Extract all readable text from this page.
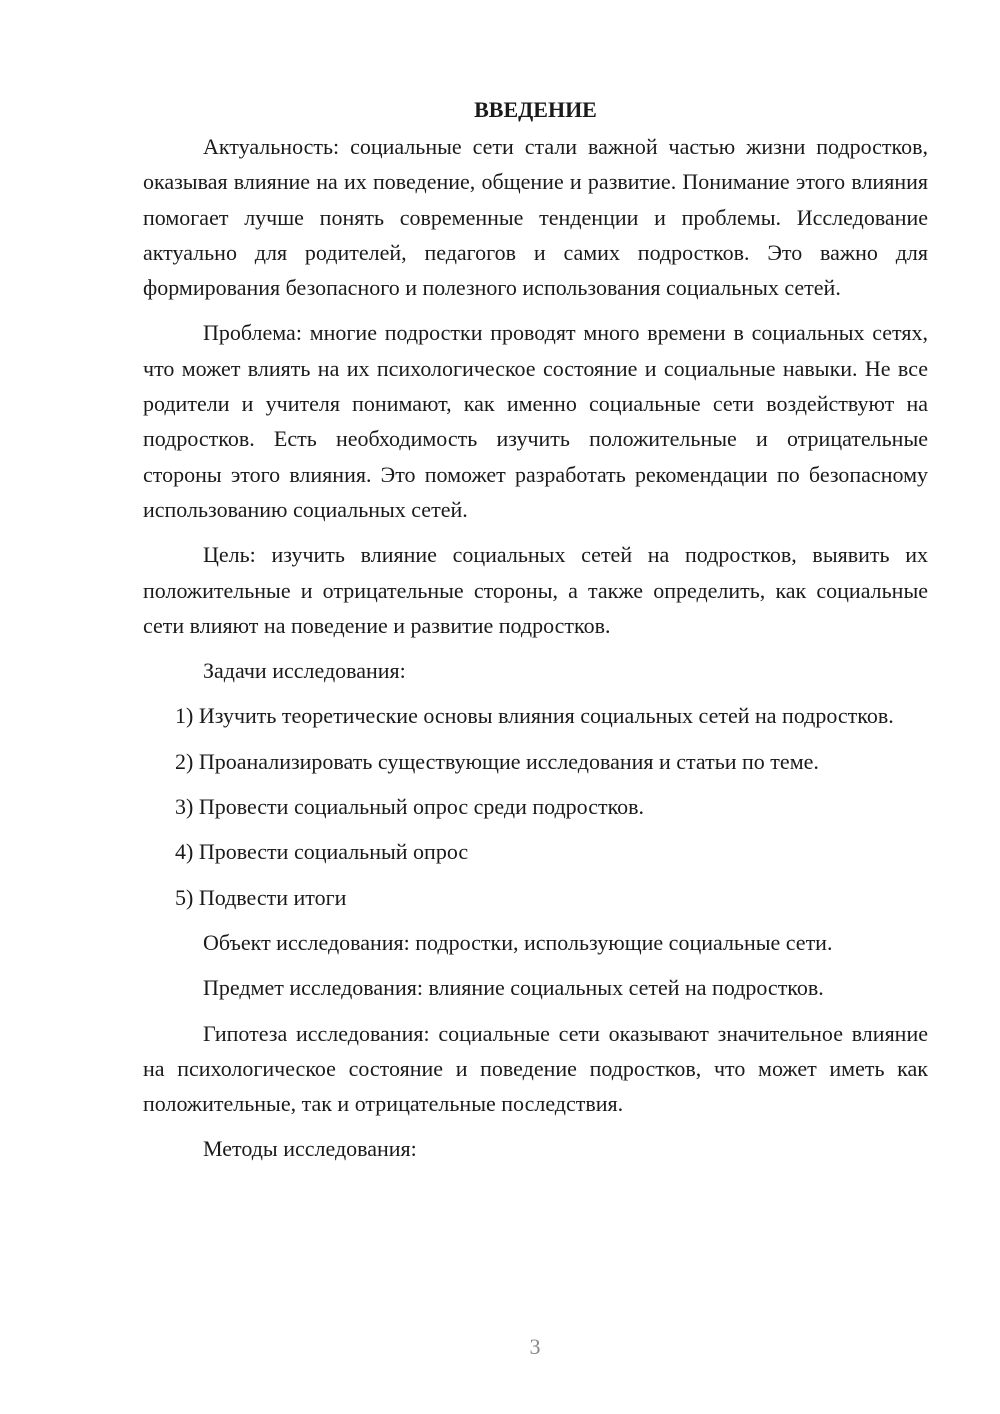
ВВЕДЕНИЕ

Актуальность: социальные сети стали важной частью жизни подростков, оказывая влияние на их поведение, общение и развитие. Понимание этого влияния помогает лучше понять современные тенденции и проблемы. Исследование актуально для родителей, педагогов и самих подростков. Это важно для формирования безопасного и полезного использования социальных сетей.

Проблема: многие подростки проводят много времени в социальных сетях, что может влиять на их психологическое состояние и социальные навыки. Не все родители и учителя понимают, как именно социальные сети воздействуют на подростков. Есть необходимость изучить положительные и отрицательные стороны этого влияния. Это поможет разработать рекомендации по безопасному использованию социальных сетей.

Цель: изучить влияние социальных сетей на подростков, выявить их положительные и отрицательные стороны, а также определить, как социальные сети влияют на поведение и развитие подростков.

Задачи исследования:

1) Изучить теоретические основы влияния социальных сетей на подростков.

2) Проанализировать существующие исследования и статьи по теме.

3) Провести социальный опрос среди подростков.

4) Провести социальный опрос

5) Подвести итоги

Объект исследования: подростки, использующие социальные сети.

Предмет исследования: влияние социальных сетей на подростков.

Гипотеза исследования: социальные сети оказывают значительное влияние на психологическое состояние и поведение подростков, что может иметь как положительные, так и отрицательные последствия.

Методы исследования:

3
